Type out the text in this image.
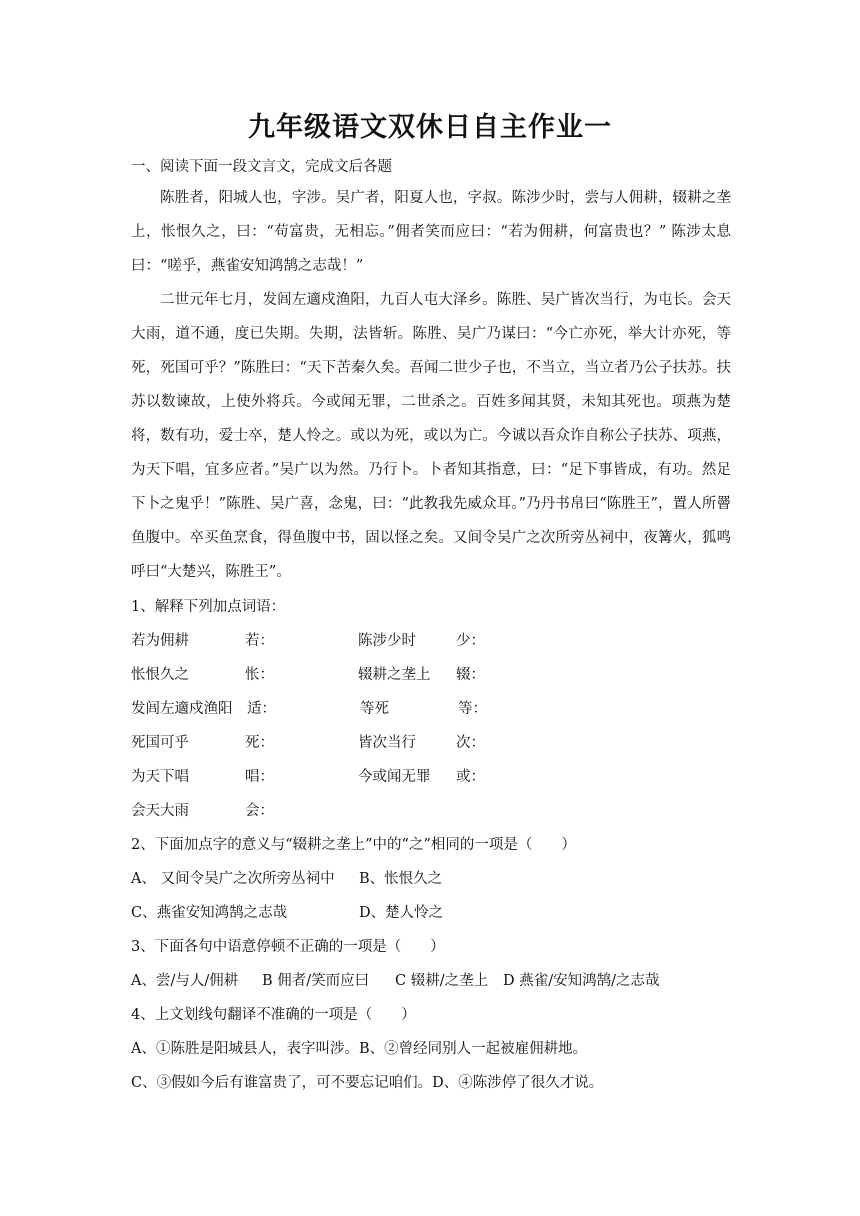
九年级语文双休日自主作业一
一、阅读下面一段文言文，完成文后各题
陈胜者，阳城人也，字涉。吴广者，阳夏人也，字叔。陈涉少时，尝与人佣耕，辍耕之垄上，怅恨久之，曰：“苟富贵，无相忘。”佣者笑而应曰：“若为佣耕，何富贵也？” 陈涉太息曰：“嗟乎，燕雀安知鸿鹄之志哉！”
二世元年七月，发闾左適戍渔阳，九百人屯大泽乡。陈胜、吴广皆次当行，为屯长。会天大雨，道不通，度已失期。失期，法皆斩。陈胜、吴广乃谋曰：“今亡亦死，举大计亦死，等死，死国可乎？”陈胜曰：“天下苦秦久矣。吾闻二世少子也，不当立，当立者乃公子扶苏。扶苏以数谏故，上使外将兵。今或闻无罪，二世杀之。百姓多闻其贤，未知其死也。项燕为楚将，数有功，爱士卒，楚人怜之。或以为死，或以为亡。今诚以吾众诈自称公子扶苏、项燕，为天下唱，宜多应者。”吴广以为然。乃行卜。卜者知其指意，曰：“足下事皆成，有功。然足下卜之鬼乎！”陈胜、吴广喜，念鬼，曰：“此教我先威众耳。”乃丹书帛曰“陈胜王”，置人所罾鱼腹中。卒买鱼烹食，得鱼腹中书，固以怪之矣。又间令吴广之次所旁丛祠中，夜篝火，狐鸣呼曰“大楚兴，陈胜王”。
1、解释下列加点词语：
若为佣耕	若：	陈涉少时	少：
怅恨久之	怅：	辍耕之垄上 辍：
发闾左適戍渔阳 适：	等死	等：
死国可乎	死：	皆次当行	次：
为天下唱	唱：	今或闻无罪 或：
会天大雨	会：
2、下面加点字的意义与“辍耕之垄上”中的“之”相同的一项是（　　）
A、 又间令吴广之次所旁丛祠中 B、怅恨久之
C、燕雀安知鸿鹄之志哉	D、楚人怜之
3、下面各句中语意停顿不正确的一项是（　　）
A、尝/与人/佣耕 B 佣者/笑而应曰 C 辍耕/之垄上 D 燕雀/安知鸿鹄/之志哉
4、上文划线句翻译不准确的一项是（　　）
A、①陈胜是阳城县人，表字叫涉。B、②曾经同别人一起被雇佣耕地。
C、③假如今后有谁富贵了，可不要忘记咱们。D、④陈涉停了很久才说。
